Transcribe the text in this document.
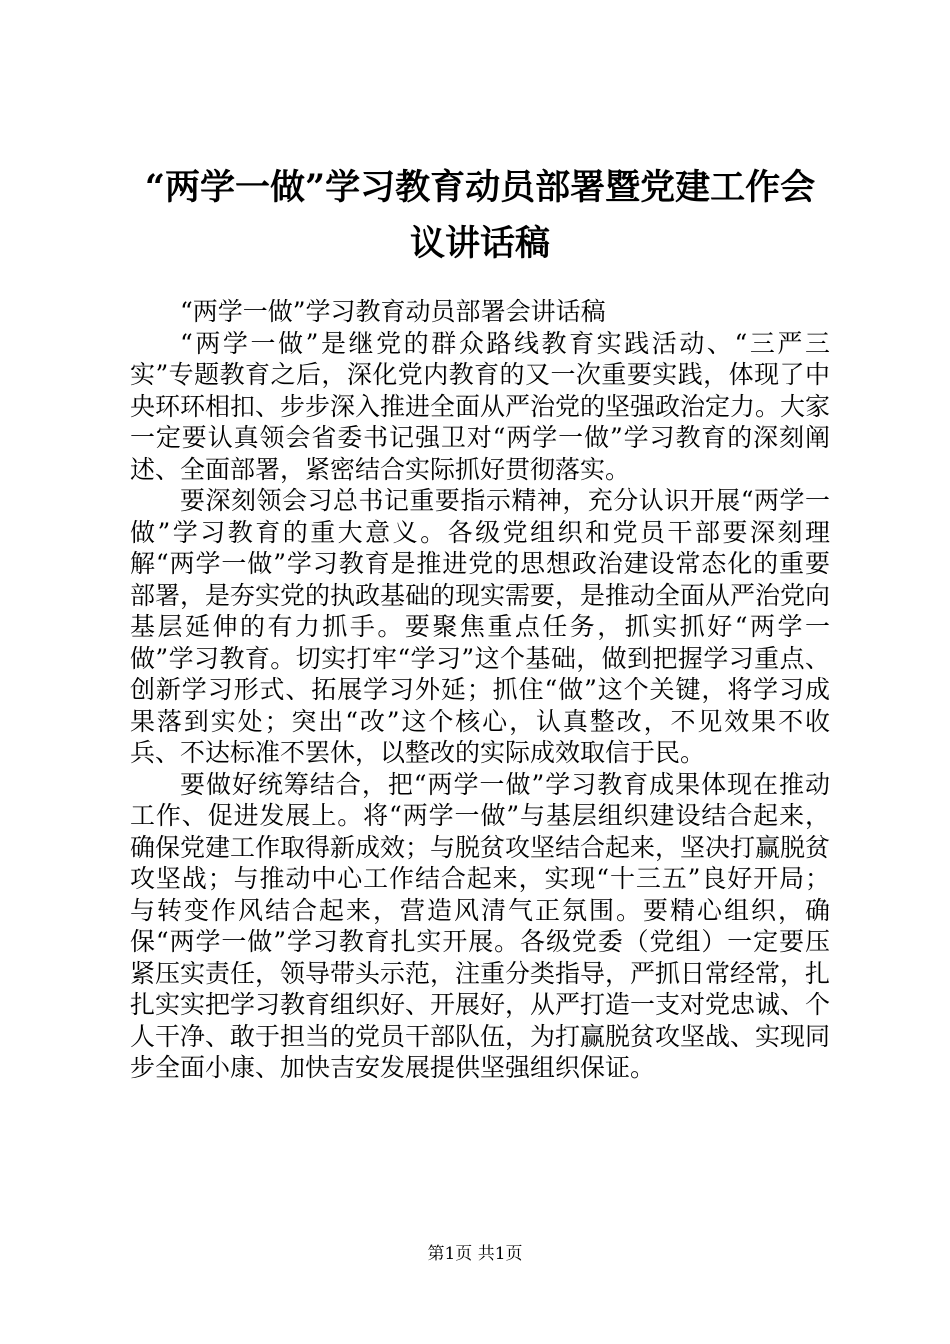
“两学一做”学习教育动员部署暨党建工作会议讲话稿

“两学一做”学习教育动员部署会讲话稿

“两学一做”是继党的群众路线教育实践活动、“三严三实”专题教育之后，深化党内教育的又一次重要实践，体现了中央环环相扣、步步深入推进全面从严治党的坚强政治定力。大家一定要认真领会省委书记强卫对“两学一做”学习教育的深刻阐述、全面部署，紧密结合实际抓好贯彻落实。

要深刻领会习总书记重要指示精神，充分认识开展“两学一做”学习教育的重大意义。各级党组织和党员干部要深刻理解“两学一做”学习教育是推进党的思想政治建设常态化的重要部署，是夯实党的执政基础的现实需要，是推动全面从严治党向基层延伸的有力抓手。要聚焦重点任务，抓实抓好“两学一做”学习教育。切实打牢“学习”这个基础，做到把握学习重点、创新学习形式、拓展学习外延；抓住“做”这个关键，将学习成果落到实处；突出“改”这个核心，认真整改，不见效果不收兵、不达标准不罢休，以整改的实际成效取信于民。

要做好统筹结合，把“两学一做”学习教育成果体现在推动工作、促进发展上。将“两学一做”与基层组织建设结合起来，确保党建工作取得新成效；与脱贫攻坚结合起来，坚决打赢脱贫攻坚战；与推动中心工作结合起来，实现“十三五”良好开局；与转变作风结合起来，营造风清气正氛围。要精心组织，确保“两学一做”学习教育扎实开展。各级党委（党组）一定要压紧压实责任，领导带头示范，注重分类指导，严抓日常经常，扎扎实实把学习教育组织好、开展好，从严打造一支对党忠诚、个人干净、敢于担当的党员干部队伍，为打赢脱贫攻坚战、实现同步全面小康、加快吉安发展提供坚强组织保证。

第1页 共1页
